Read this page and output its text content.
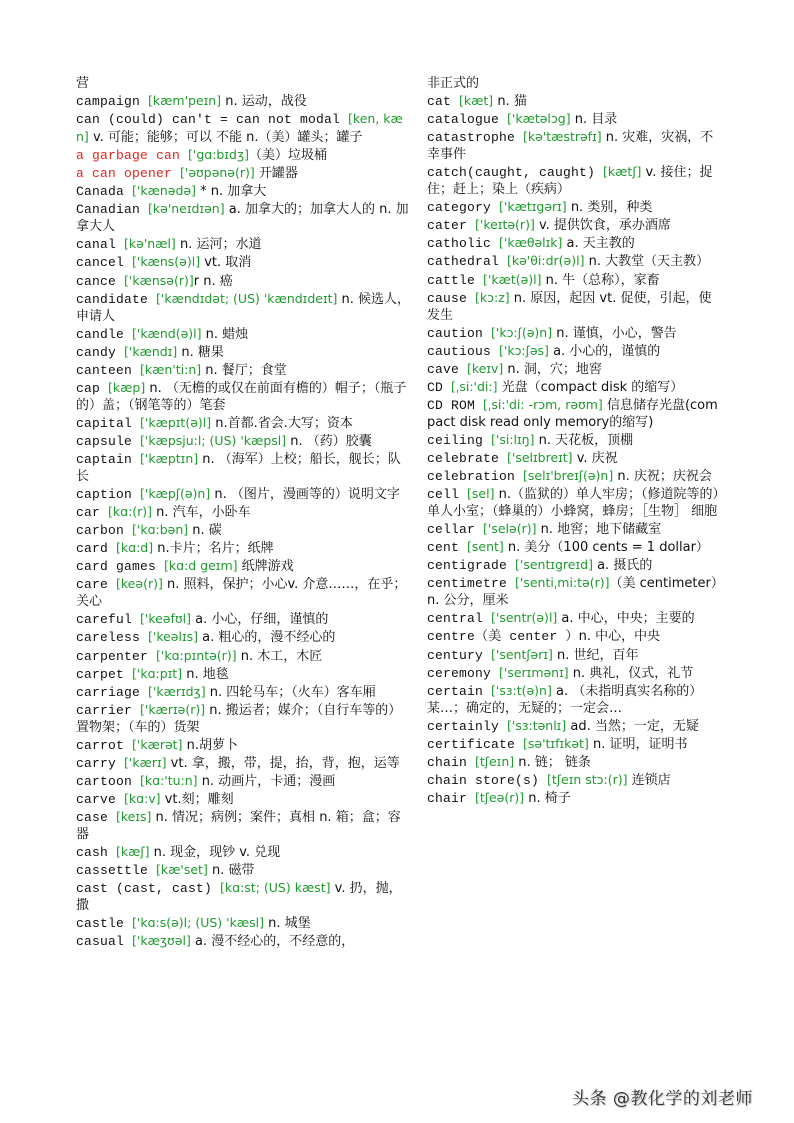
营

campaign [kæm'peɪn] n. 运动，战役

can (could) can't = can not modal [ken, kæn] v. 可能；能够；可以 不能 n.（美）罐头；罐子

a garbage can ['gɑ:bɪdʒ]（美）垃圾桶

a can opener ['əʊpənə(r)] 开罐器

Canada ['kænədə] * n. 加拿大

Canadian [kə'neɪdɪən] a. 加拿大的；加拿大人的 n. 加拿大人

canal [kə'næl] n. 运河；水道

cancel ['kæns(ə)l] vt. 取消

cance ['kænsə(r)]r n. 癌

candidate ['kændɪdət; (US) 'kændɪdeɪt] n. 候选人，申请人

candle ['kænd(ə)l] n. 蜡烛

candy ['kændɪ] n. 糖果

canteen [kæn'ti:n] n. 餐厅；食堂

cap [kæp] n. （无檐的或仅在前面有檐的）帽子；（瓶子的）盖；（钢笔等的）笔套

capital ['kæpɪt(ə)l] n.首都.省会.大写；资本

capsule ['kæpsju:l; (US) 'kæpsl] n. （药）胶囊

captain ['kæptɪn] n. （海军）上校；船长，舰长；队长

caption ['kæpʃ(ə)n] n. （图片，漫画等的）说明文字

car [kɑ:(r)] n. 汽车，小卧车

carbon ['kɑ:bən] n. 碳

card [kɑ:d] n.卡片；名片；纸牌

card games [kɑ:d geɪm] 纸牌游戏

care [keə(r)] n. 照料，保护；小心v. 介意……，在乎；关心

careful ['keəfʊl] a. 小心，仔细，谨慎的

careless ['keəlɪs] a. 粗心的，漫不经心的

carpenter ['kɑ:pɪntə(r)] n. 木工，木匠

carpet ['kɑ:pɪt] n. 地毯

carriage ['kærɪdʒ] n. 四轮马车；（火车）客车厢

carrier ['kærɪə(r)] n. 搬运者；媒介；（自行车等的）置物架；（车的）货架

carrot ['kærət] n.胡萝卜

carry ['kærɪ] vt. 拿，搬，带，提，抬，背，抱，运等

cartoon [kɑ:'tu:n] n. 动画片，卡通；漫画

carve [kɑ:v] vt.刻；雕刻

case [keɪs] n. 情况；病例；案件；真相 n. 箱；盒；容器

cash [kæʃ] n. 现金，现钞 v. 兑现

cassettle [kæ'set] n. 磁带

cast (cast, cast) [kɑ:st; (US) kæst] v. 扔，抛，撒

castle ['kɑ:s(ə)l; (US) 'kæsl] n. 城堡

casual ['kæʒʊəl] a. 漫不经心的，不经意的，

非正式的

cat [kæt] n. 猫

catalogue ['kætəlɔg] n. 目录

catastrophe [kə'tæstrəfɪ] n. 灾难，灾祸，不幸事件

catch(caught, caught) [kætʃ] v. 接住；捉住；赶上；染上（疾病）

category ['kætɪgərɪ] n. 类别，种类

cater ['keɪtə(r)] v. 提供饮食，承办酒席

catholic ['kæθəlɪk] a. 天主教的

cathedral [kə'θi:dr(ə)l] n. 大教堂（天主教）

cattle ['kæt(ə)l] n. 牛（总称），家畜

cause [kɔ:z] n. 原因，起因 vt. 促使，引起，使发生

caution ['kɔ:ʃ(ə)n] n. 谨慎，小心，警告

cautious ['kɔ:ʃəs] a. 小心的，谨慎的

cave [keɪv] n. 洞，穴；地窖

CD [ˌsi:'di:] 光盘（compact disk 的缩写）

CD ROM [ˌsi:'di: -rɔm, rəʊm] 信息储存光盘(compact disk read only memory的缩写)

ceiling ['si:lɪŋ] n. 天花板，顶棚

celebrate ['selɪbreɪt] v. 庆祝

celebration [selɪ'breɪʃ(ə)n] n. 庆祝；庆祝会

cell [sel] n.（监狱的）单人牢房；（修道院等的）单人小室；（蜂巢的）小蜂窝，蜂房；［生物］ 细胞

cellar ['selə(r)] n. 地窖；地下储藏室

cent [sent] n. 美分（100 cents = 1 dollar）

centigrade ['sentɪgreɪd] a. 摄氏的

centimetre ['sentiˌmi:tə(r)]（美 centimeter）n. 公分，厘米

central ['sentr(ə)l] a. 中心，中央；主要的

centre（美 center ）n. 中心，中央

century ['sentʃərɪ] n. 世纪，百年

ceremony ['serɪmənɪ] n. 典礼，仪式，礼节

certain ['sɜ:t(ə)n] a. （未指明真实名称的）某…；确定的，无疑的；一定会…

certainly ['sɜ:tənlɪ] ad. 当然；一定，无疑

certificate [sə'tɪfɪkət] n. 证明，证明书

chain [tʃeɪn] n. 链； 链条

chain store(s) [tʃeɪn stɔ:(r)] 连锁店

chair [tʃeə(r)] n. 椅子

头条 @教化学的刘老师
